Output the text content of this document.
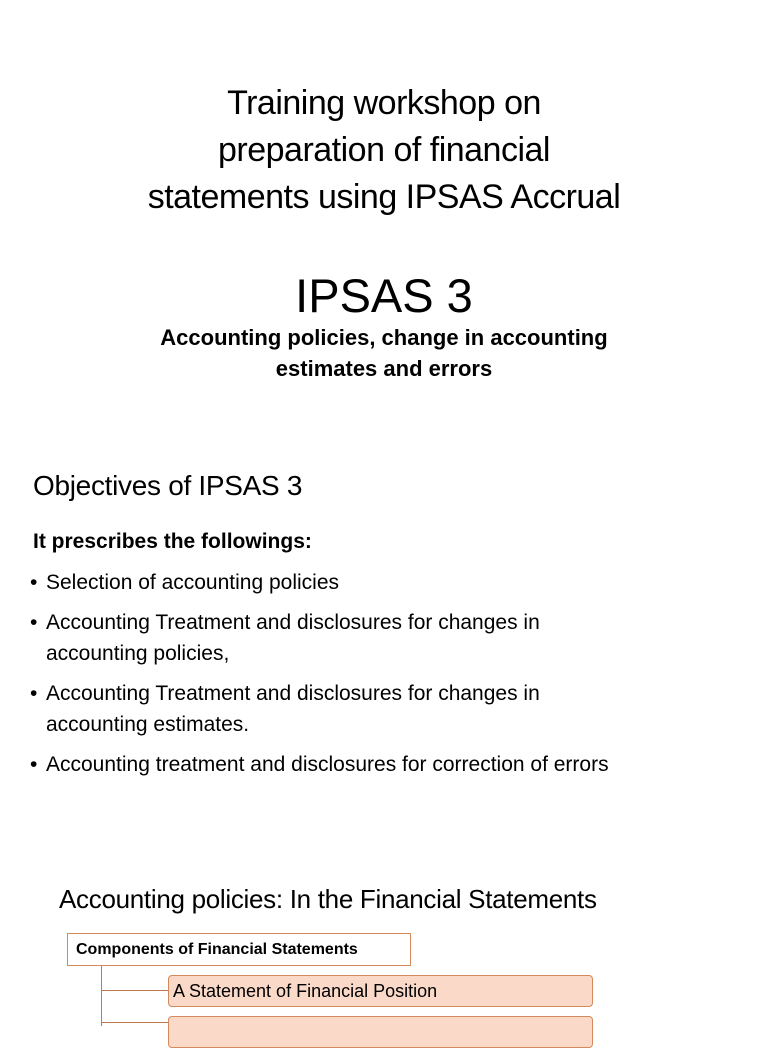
Training workshop on
preparation of financial
statements using IPSAS Accrual
IPSAS 3
Accounting policies, change in accounting
estimates and errors
Objectives of IPSAS 3
It prescribes the followings:
• Selection of accounting policies
• Accounting Treatment and disclosures for changes in
accounting policies,
• Accounting Treatment and disclosures for changes in
accounting estimates.
• Accounting treatment and disclosures for correction of errors
Accounting policies: In the Financial Statements
Components of Financial Statements
A Statement of Financial Position
